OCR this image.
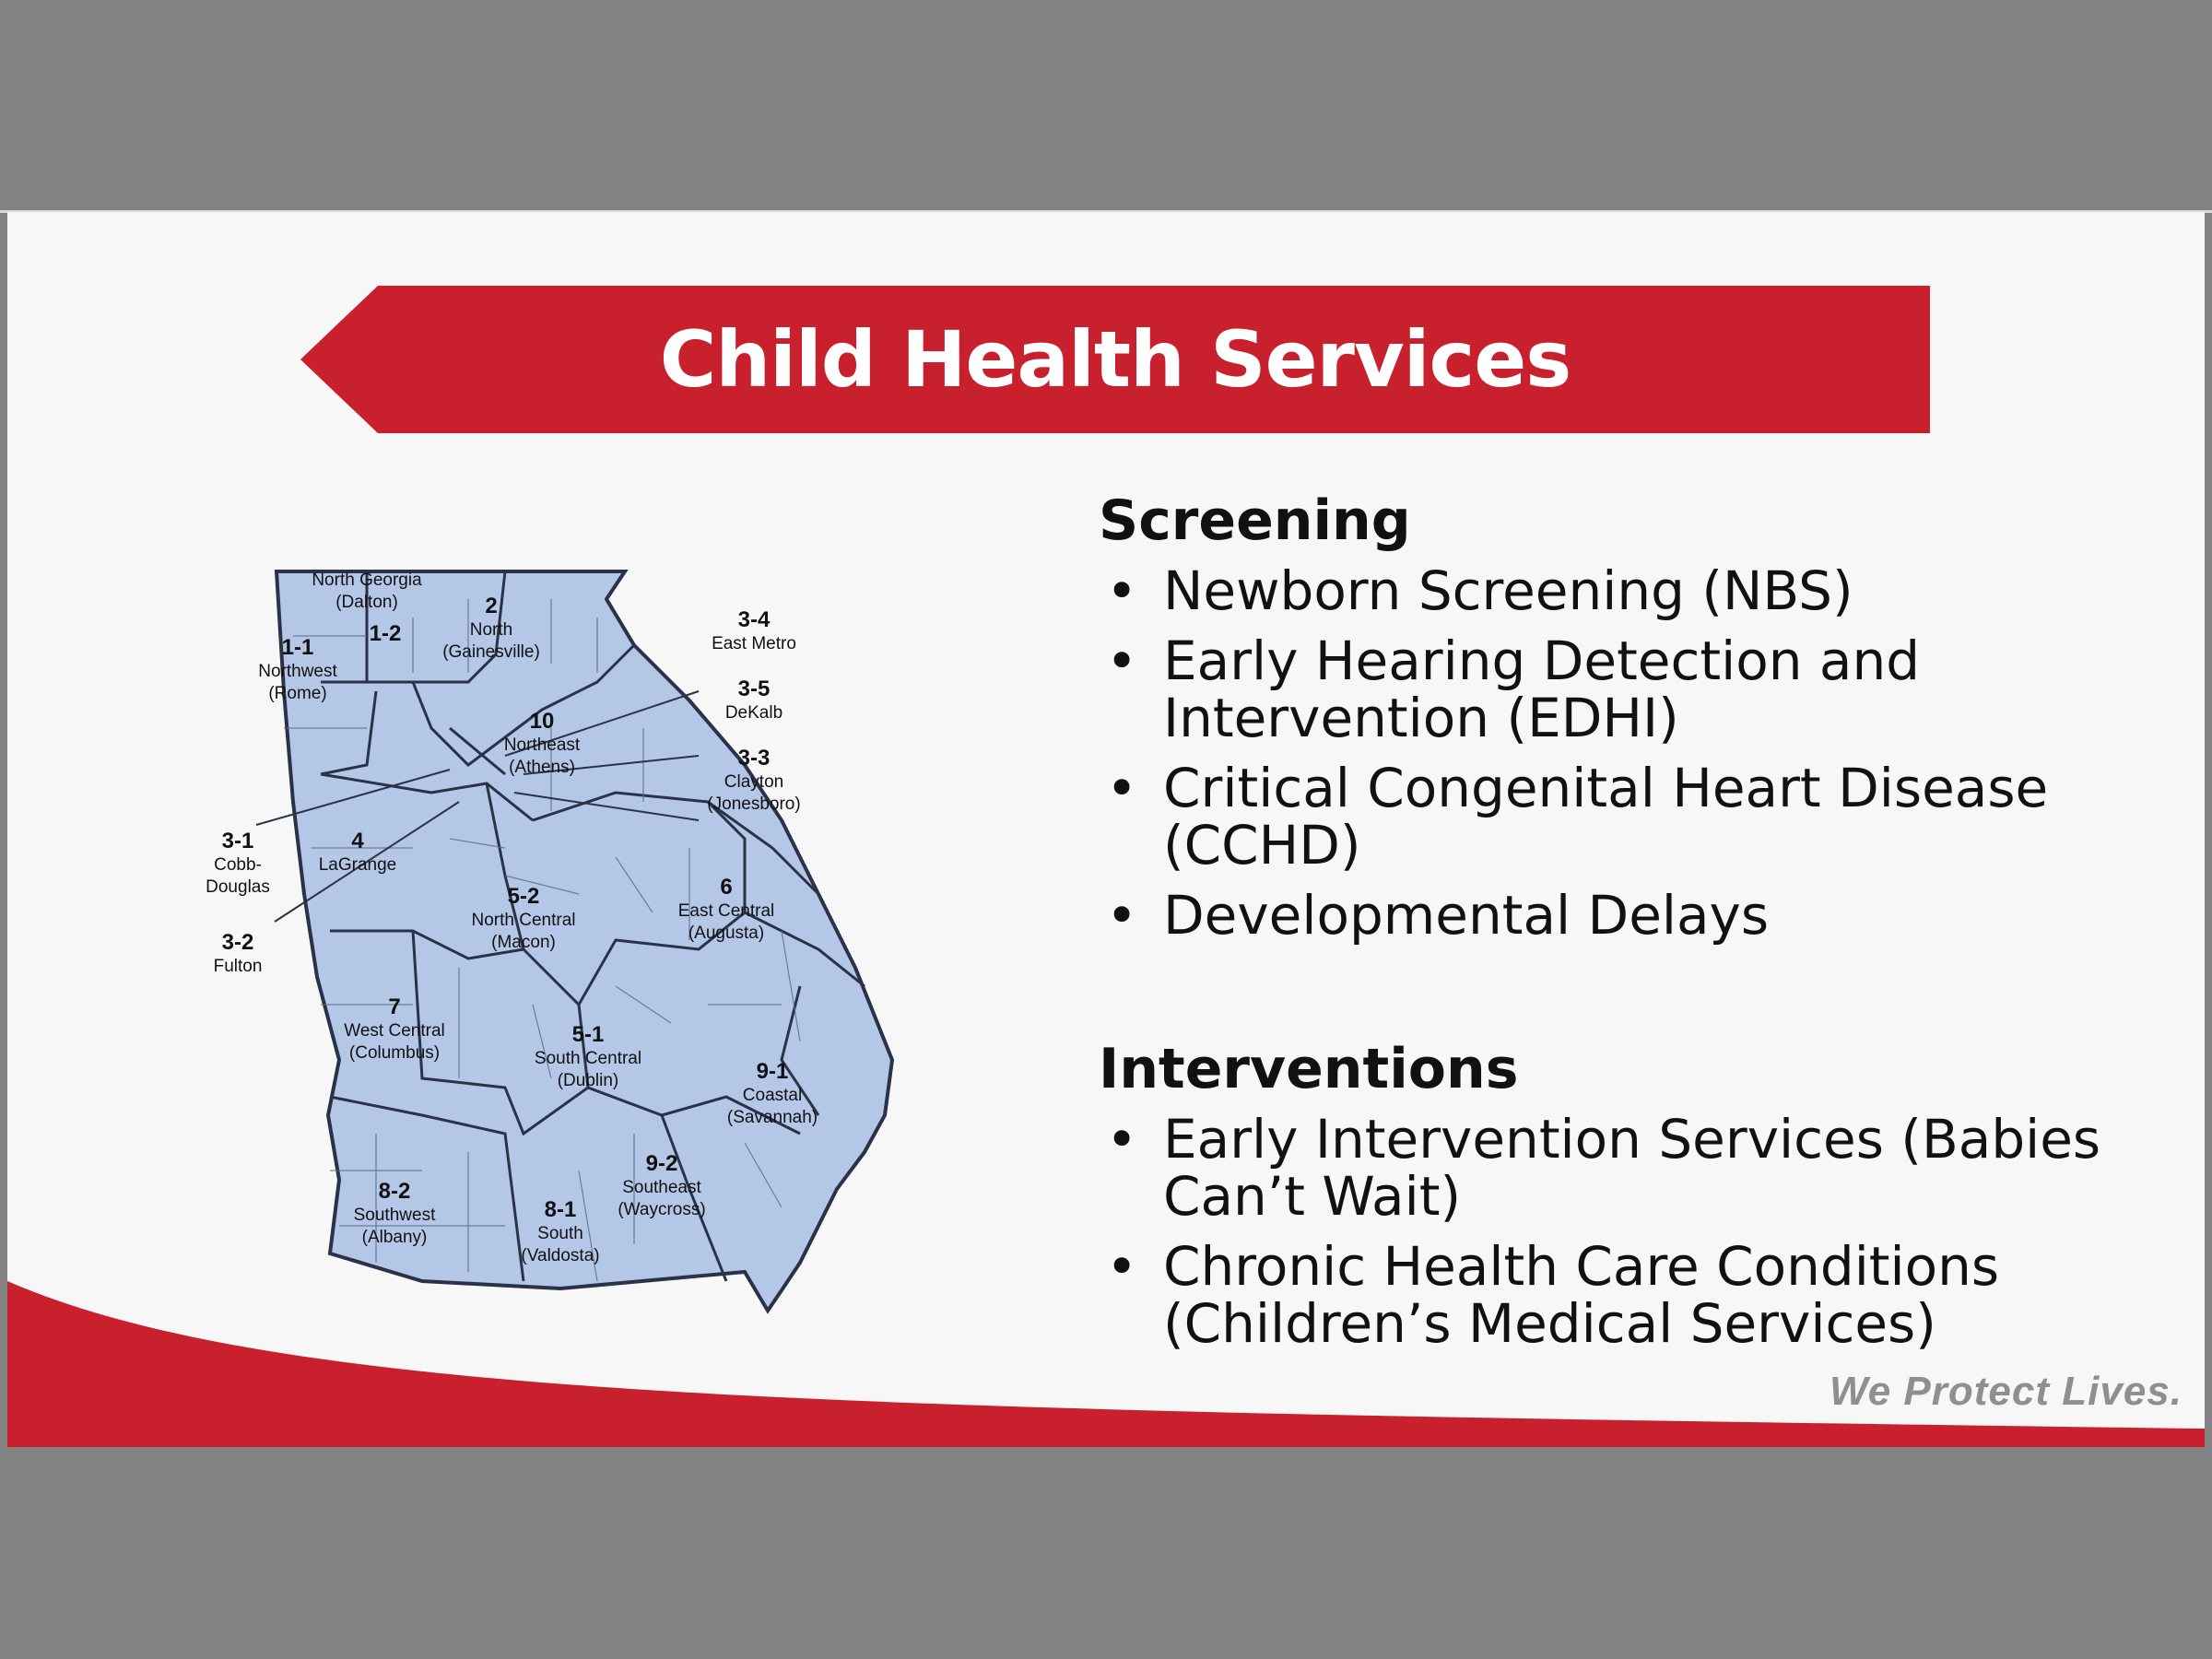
Child Health Services
North Georgia
(Dalton)	2
North
(Gainesville)
1-1
Northwest
(Rome)
1-2
10
Northeast
(Athens)
4
LaGrange
5-2
North Central
(Macon)
6
East Central
(Augusta)
7
West Central
(Columbus)
5-1
South Central
(Dublin)	9-1
Coastal
(Savannah)
9-2
Southeast
(Waycross)
8-2
Southwest
(Albany)
8-1
South
(Valdosta)
3-4
East Metro
3-5
DeKalb
3-3
Clayton
(Jonesboro)
3-1
Cobb-
Douglas
3-2
Fulton
Screening
• Newborn Screening (NBS)
• Early Hearing Detection and
Intervention (EDHI)
• Critical Congenital Heart Disease
(CCHD)
• Developmental Delays
Interventions
• Early Intervention Services (Babies
Can’t Wait)
• Chronic Health Care Conditions
(Children’s Medical Services)
We Protect Lives.
